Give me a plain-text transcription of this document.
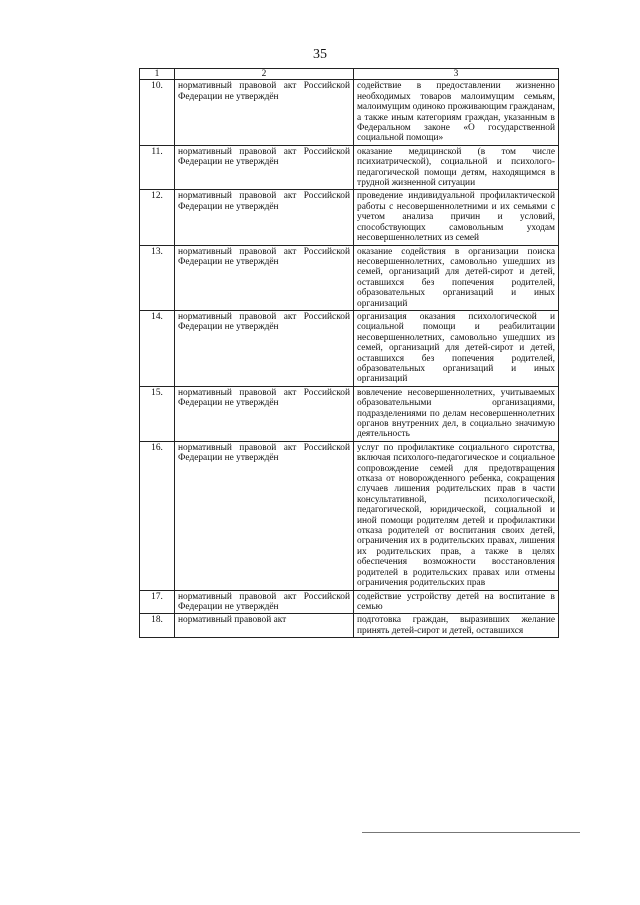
35
1	2	3
10.	нормативный правовой акт Российской Федерации не утверждён	содействие в предоставлении жизненно необходимых товаров малоимущим семьям, малоимущим одиноко проживающим гражданам, а также иным категориям граждан, указанным в Федеральном законе «О государственной социальной помощи»
11.	нормативный правовой акт Российской Федерации не утверждён	оказание медицинской (в том числе психиатрической), социальной и психолого-педагогической помощи детям, находящимся в трудной жизненной ситуации
12.	нормативный правовой акт Российской Федерации не утверждён	проведение индивидуальной профилактической работы с несовершеннолетними и их семьями с учетом анализа причин и условий, способствующих самовольным уходам несовершеннолетних из семей
13.	нормативный правовой акт Российской Федерации не утверждён	оказание содействия в организации поиска несовершеннолетних, самовольно ушедших из семей, организаций для детей-сирот и детей, оставшихся без попечения родителей, образовательных организаций и иных организаций
14.	нормативный правовой акт Российской Федерации не утверждён	организация оказания психологической и социальной помощи и реабилитации несовершеннолетних, самовольно ушедших из семей, организаций для детей-сирот и детей, оставшихся без попечения родителей, образовательных организаций и иных организаций
15.	нормативный правовой акт Российской Федерации не утверждён	вовлечение несовершеннолетних, учитываемых образовательными организациями, подразделениями по делам несовершеннолетних органов внутренних дел, в социально значимую деятельность
16.	нормативный правовой акт Российской Федерации не утверждён	услуг по профилактике социального сиротства, включая психолого-педагогическое и социальное сопровождение семей для предотвращения отказа от новорожденного ребенка, сокращения случаев лишения родительских прав в части консультативной, психологической, педагогической, юридической, социальной и иной помощи родителям детей и профилактики отказа родителей от воспитания своих детей, ограничения их в родительских правах, лишения их родительских прав, а также в целях обеспечения возможности восстановления родителей в родительских правах или отмены ограничения родительских прав
17.	нормативный правовой акт Российской Федерации не утверждён	содействие устройству детей на воспитание в семью
18.	нормативный правовой акт	подготовка граждан, выразивших желание принять детей-сирот и детей, оставшихся
